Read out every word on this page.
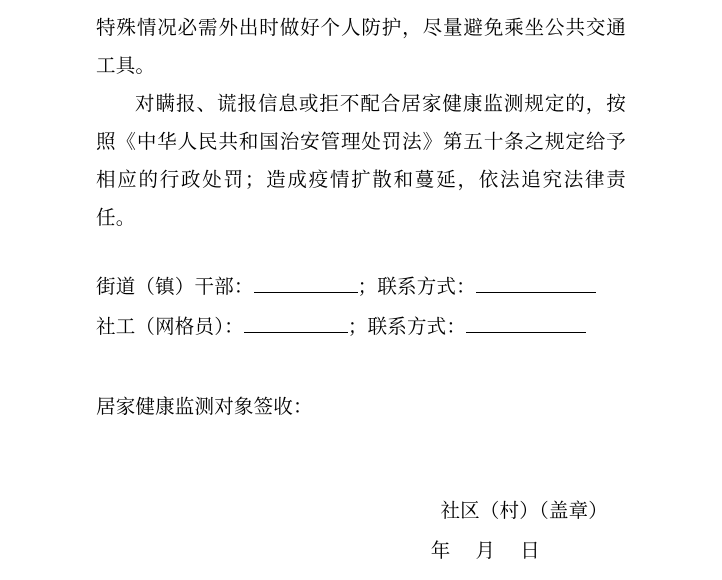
特殊情况必需外出时做好个人防护，尽量避免乘坐公共交通工具。

对瞒报、谎报信息或拒不配合居家健康监测规定的，按照《中华人民共和国治安管理处罚法》第五十条之规定给予相应的行政处罚；造成疫情扩散和蔓延，依法追究法律责任。

街道（镇）干部：	；联系方式：
社工（网格员）：	；联系方式：
居家健康监测对象签收：
社区（村）（盖章）
年 月 日
